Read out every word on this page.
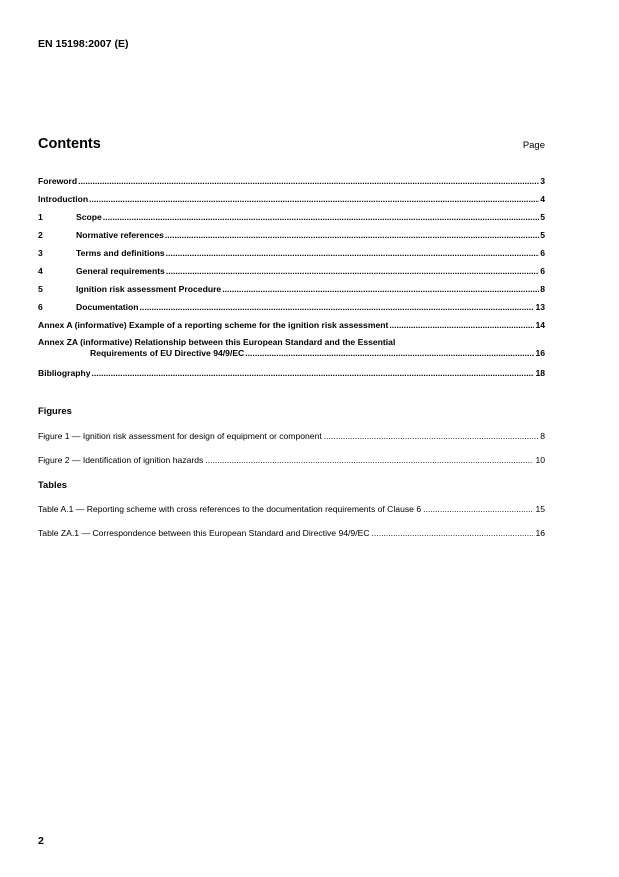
EN 15198:2007 (E)
Contents	Page
Foreword .....	3
Introduction .....	4
1	Scope .....	5
2	Normative references .....	5
3	Terms and definitions .....	6
4	General requirements .....	6
5	Ignition risk assessment Procedure .....	8
6	Documentation .....	13
Annex A (informative) Example of a reporting scheme for the ignition risk assessment .....	14
Annex ZA (informative) Relationship between this European Standard and the Essential
Requirements of EU Directive 94/9/EC .....	16
Bibliography .....	18
Figures
Figure 1 — Ignition risk assessment for design of equipment or component .....	8
Figure 2 — Identification of ignition hazards .....	10
Tables
Table A.1 — Reporting scheme with cross references to the documentation requirements of Clause 6 .....	15
Table ZA.1 — Correspondence between this European Standard and Directive 94/9/EC .....	16
2
